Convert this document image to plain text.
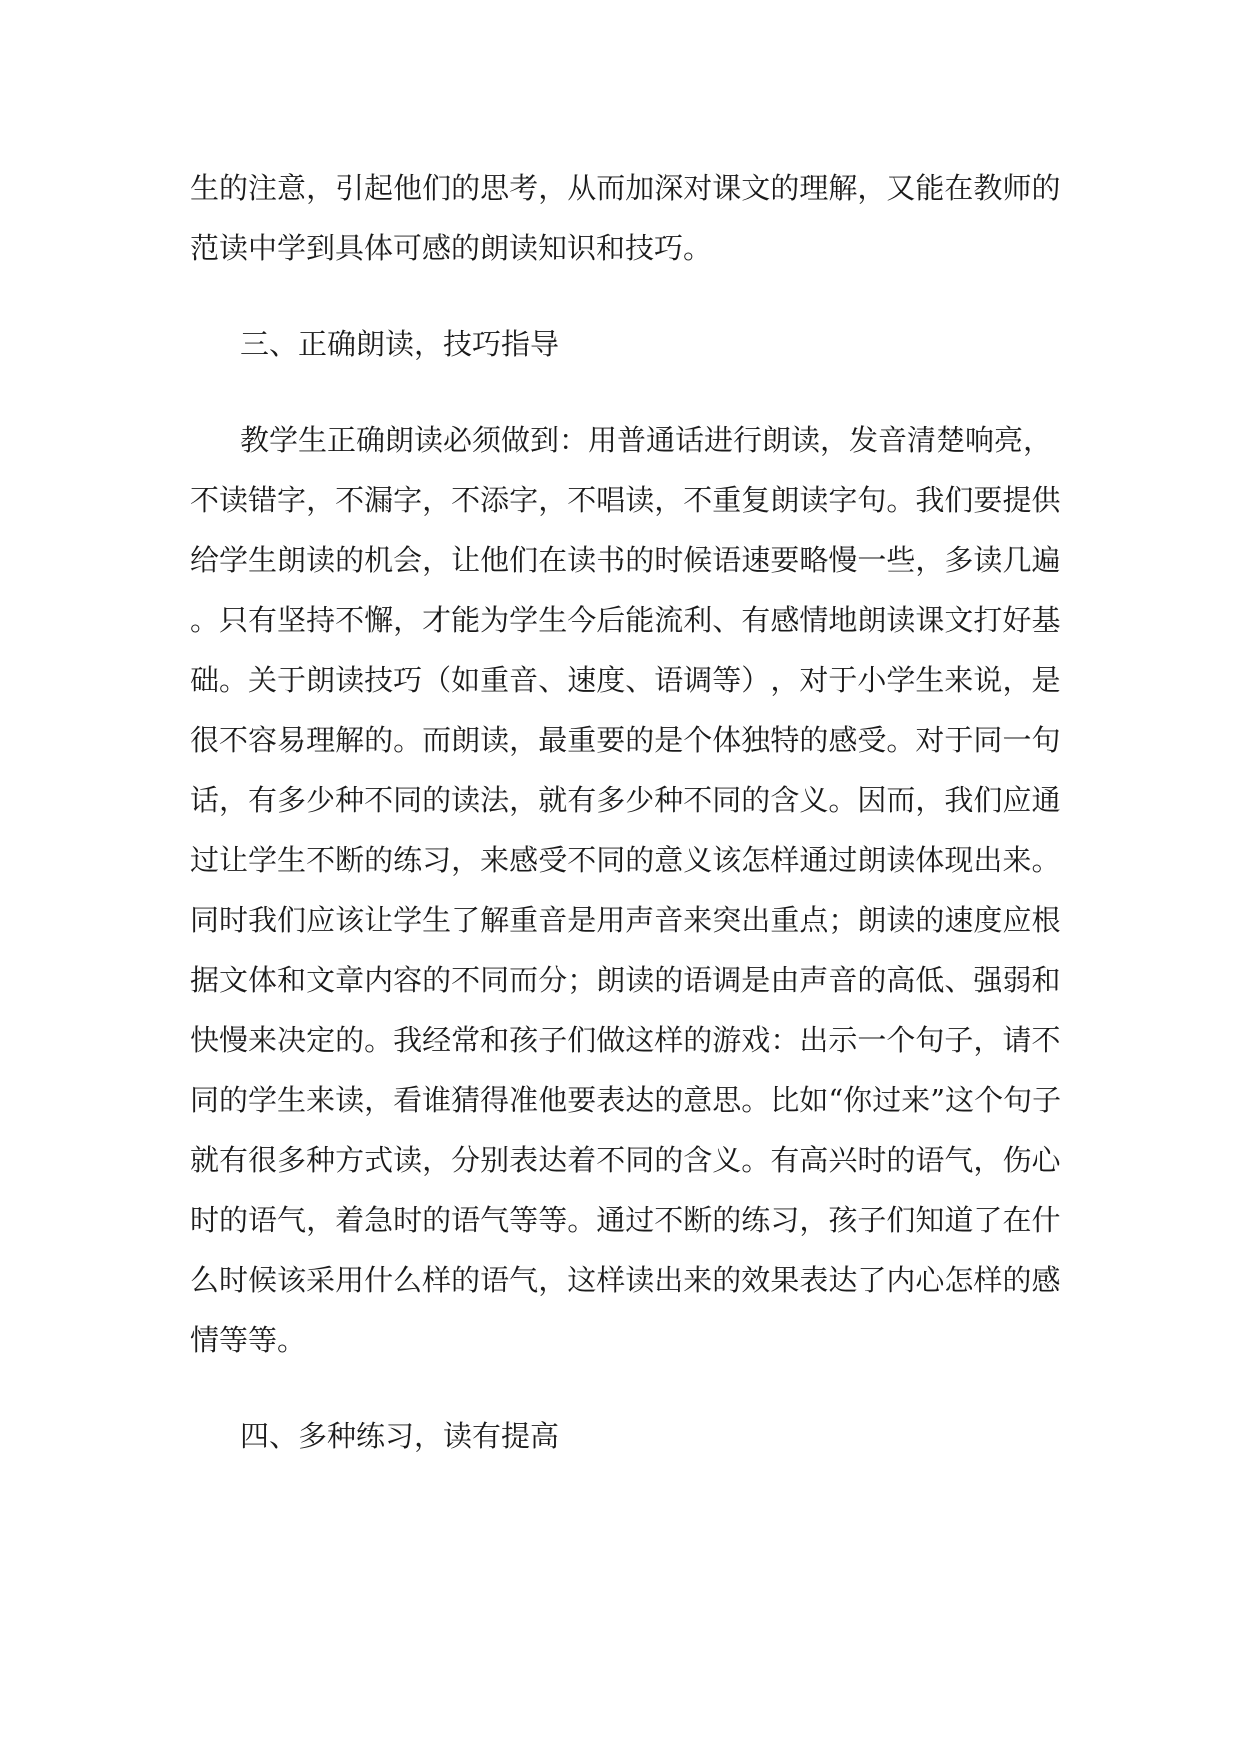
生 的 注 意 ， 引 起 他 们 的 思 考 ， 从 而 加 深 对 课 文 的 理 解 ， 又 能 在 教 师 的
范读中学到具体可感的朗读知识和技巧。
三、正确朗读，技巧指导
教学生正确朗读必须做到：用普通话进行朗读，发音清楚响亮，
不 读 错 字 ， 不 漏 字 ， 不 添 字 ， 不 唱 读 ， 不 重 复 朗 读 字 句 。 我 们 要 提 供
给 学 生 朗 读 的 机 会 ， 让 他 们 在 读 书 的 时 候 语 速 要 略 慢 一 些 ， 多 读 几 遍
。 只 有 坚 持 不 懈 ， 才 能 为 学 生 今 后 能 流 利 、 有 感 情 地 朗 读 课 文 打 好 基
础 。 关 于 朗 读 技 巧 （ 如 重 音 、 速 度 、 语 调 等 ） ， 对 于 小 学 生 来 说 ， 是
很 不 容 易 理 解 的 。 而 朗 读 ， 最 重 要 的 是 个 体 独 特 的 感 受 。 对 于 同 一 句
话 ， 有 多 少 种 不 同 的 读 法 ， 就 有 多 少 种 不 同 的 含 义 。 因 而 ， 我 们 应 通
过 让 学 生 不 断 的 练 习 ， 来 感 受 不 同 的 意 义 该 怎 样 通 过 朗 读 体 现 出 来 。
同 时 我 们 应 该 让 学 生 了 解 重 音 是 用 声 音 来 突 出 重 点 ； 朗 读 的 速 度 应 根
据 文 体 和 文 章 内 容 的 不 同 而 分 ； 朗 读 的 语 调 是 由 声 音 的 高 低 、 强 弱 和
快 慢 来 决 定 的 。 我 经 常 和 孩 子 们 做 这 样 的 游 戏 ： 出 示 一 个 句 子 ， 请 不
同 的 学 生 来 读 ， 看 谁 猜 得 准 他 要 表 达 的 意 思 。 比 如 “ 你 过 来 ” 这 个 句 子
就 有 很 多 种 方 式 读 ， 分 别 表 达 着 不 同 的 含 义 。 有 高 兴 时 的 语 气 ， 伤 心
时 的 语 气 ， 着 急 时 的 语 气 等 等 。 通 过 不 断 的 练 习 ， 孩 子 们 知 道 了 在 什
么 时 候 该 采 用 什 么 样 的 语 气 ， 这 样 读 出 来 的 效 果 表 达 了 内 心 怎 样 的 感
情等等。
四、多种练习，读有提高
